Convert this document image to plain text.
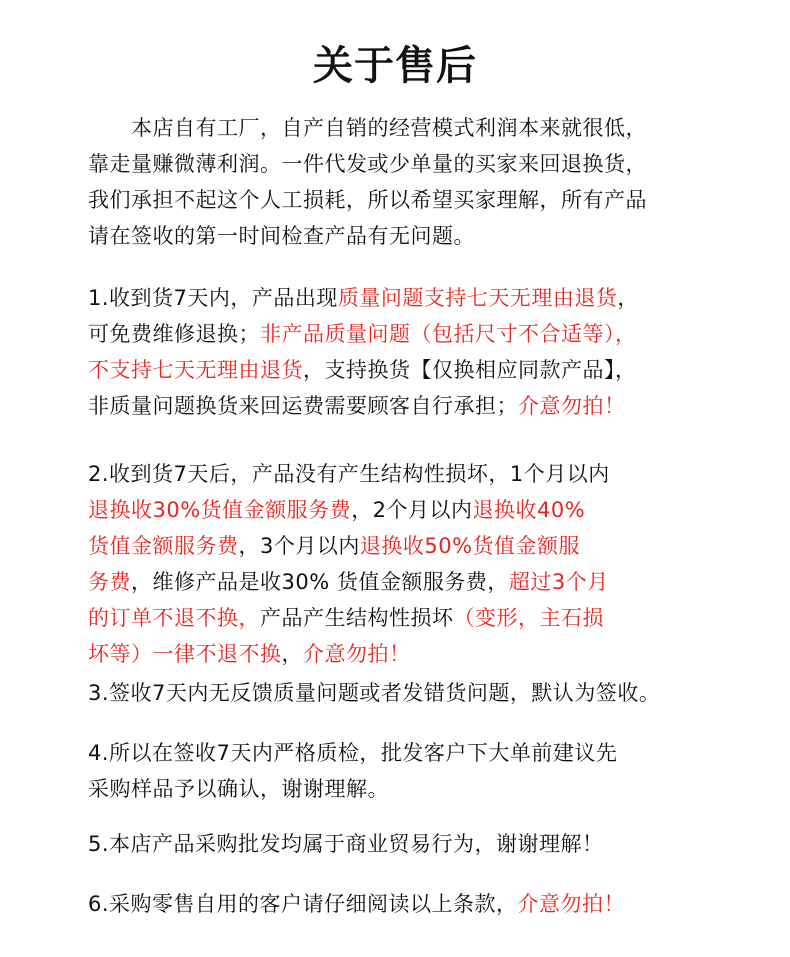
关于售后
本店自有工厂，自产自销的经营模式利润本来就很低，
靠走量赚微薄利润。一件代发或少单量的买家来回退换货，
我们承担不起这个人工损耗，所以希望买家理解，所有产品
请在签收的第一时间检查产品有无问题。
1.收到货7天内，产品出现质量问题支持七天无理由退货，
可免费维修退换；非产品质量问题（包括尺寸不合适等），
不支持七天无理由退货，支持换货【仅换相应同款产品】，
非质量问题换货来回运费需要顾客自行承担；介意勿拍！
2.收到货7天后，产品没有产生结构性损坏，1个月以内
退换收30%货值金额服务费，2个月以内退换收40%
货值金额服务费，3个月以内退换收50%货值金额服
务费，维修产品是收30% 货值金额服务费，超过3个月
的订单不退不换，产品产生结构性损坏（变形，主石损
坏等）一律不退不换，介意勿拍！
3.签收7天内无反馈质量问题或者发错货问题，默认为签收。
4.所以在签收7天内严格质检，批发客户下大单前建议先
采购样品予以确认，谢谢理解。
5.本店产品采购批发均属于商业贸易行为，谢谢理解！
6.采购零售自用的客户请仔细阅读以上条款，介意勿拍！
